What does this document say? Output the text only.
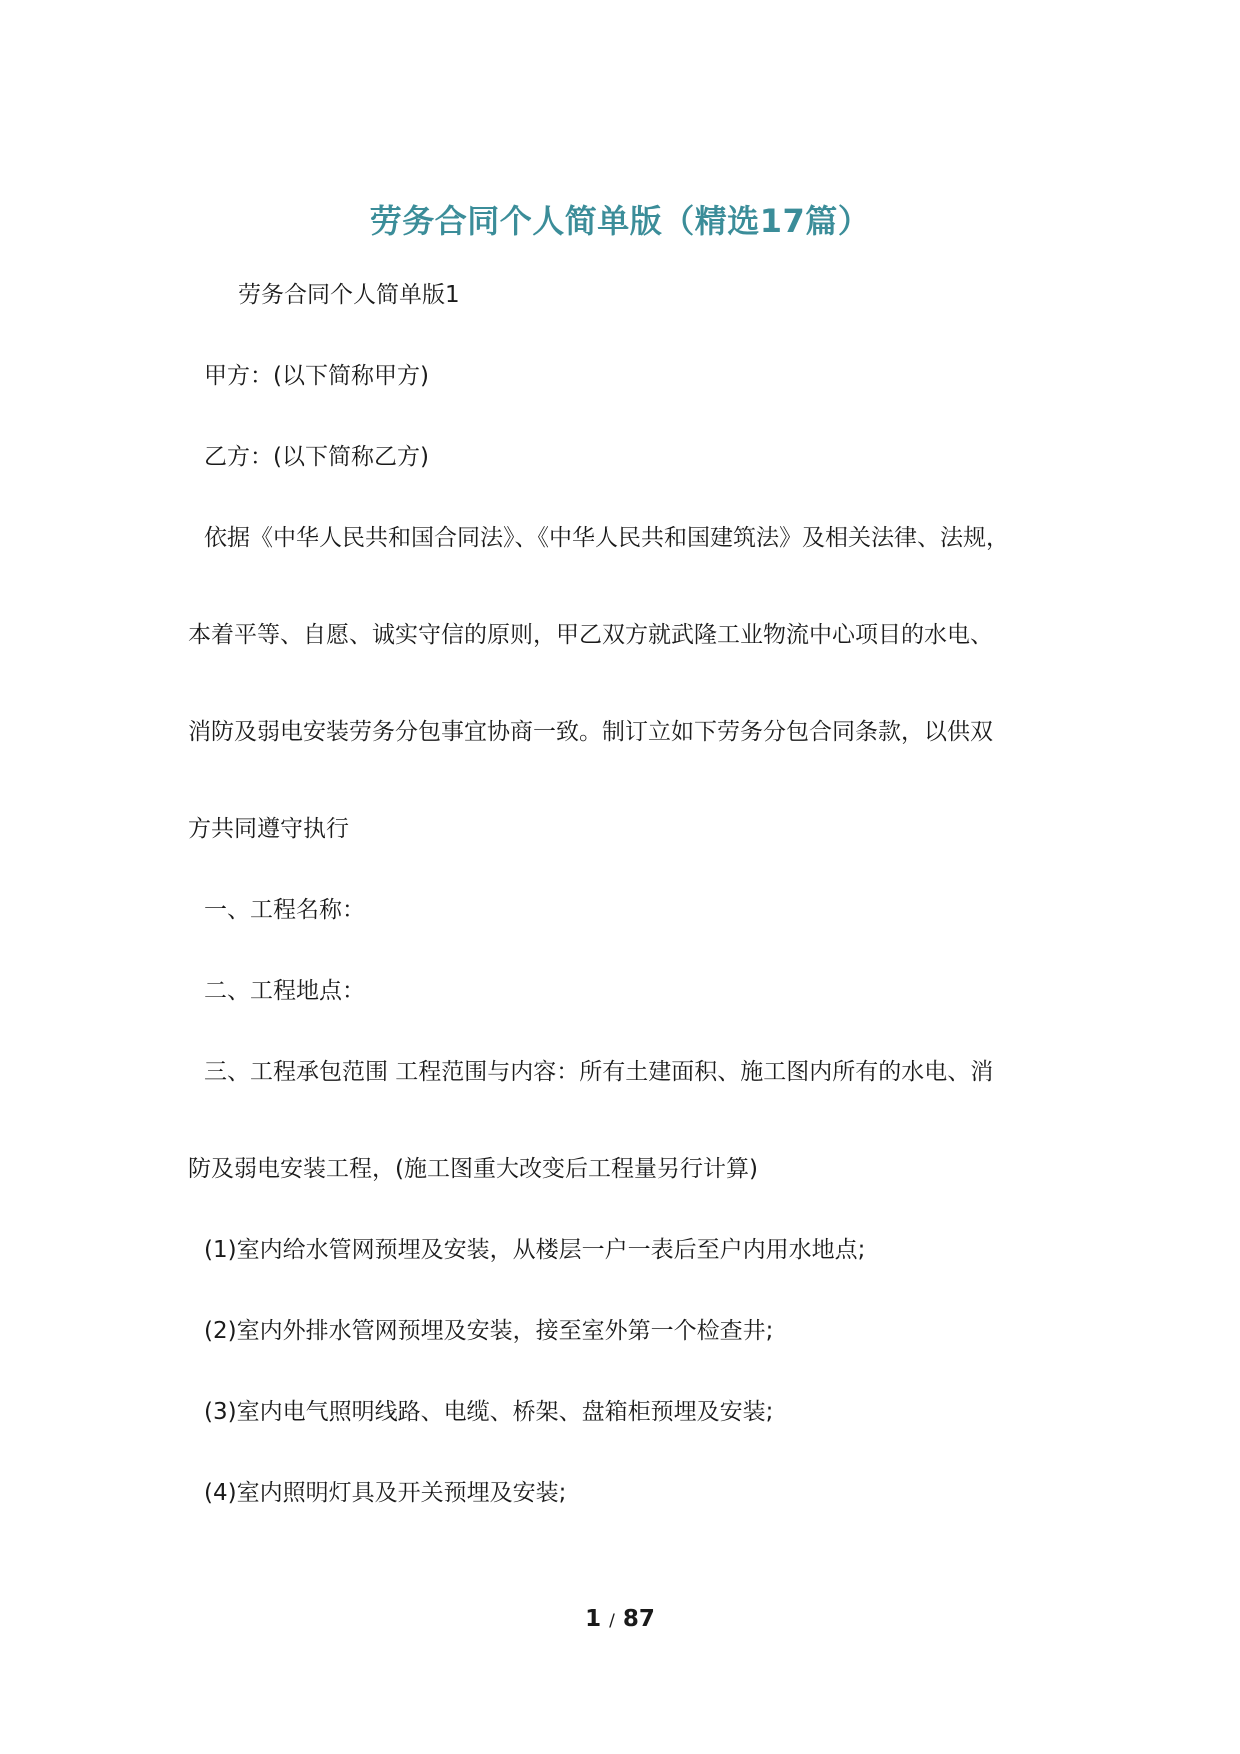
劳务合同个人简单版（精选17篇）
劳务合同个人简单版1
甲方：(以下简称甲方)
乙方：(以下简称乙方)
依据《中华人民共和国合同法》、《中华人民共和国建筑法》及相关法律、法规，
本着平等、自愿、诚实守信的原则，甲乙双方就武隆工业物流中心项目的水电、
消防及弱电安装劳务分包事宜协商一致。制订立如下劳务分包合同条款，以供双
方共同遵守执行
一、工程名称：
二、工程地点：
三、工程承包范围 工程范围与内容：所有土建面积、施工图内所有的水电、消
防及弱电安装工程，(施工图重大改变后工程量另行计算)
(1)室内给水管网预埋及安装，从楼层一户一表后至户内用水地点;
(2)室内外排水管网预埋及安装，接至室外第一个检查井;
(3)室内电气照明线路、电缆、桥架、盘箱柜预埋及安装;
(4)室内照明灯具及开关预埋及安装;
1 / 87
